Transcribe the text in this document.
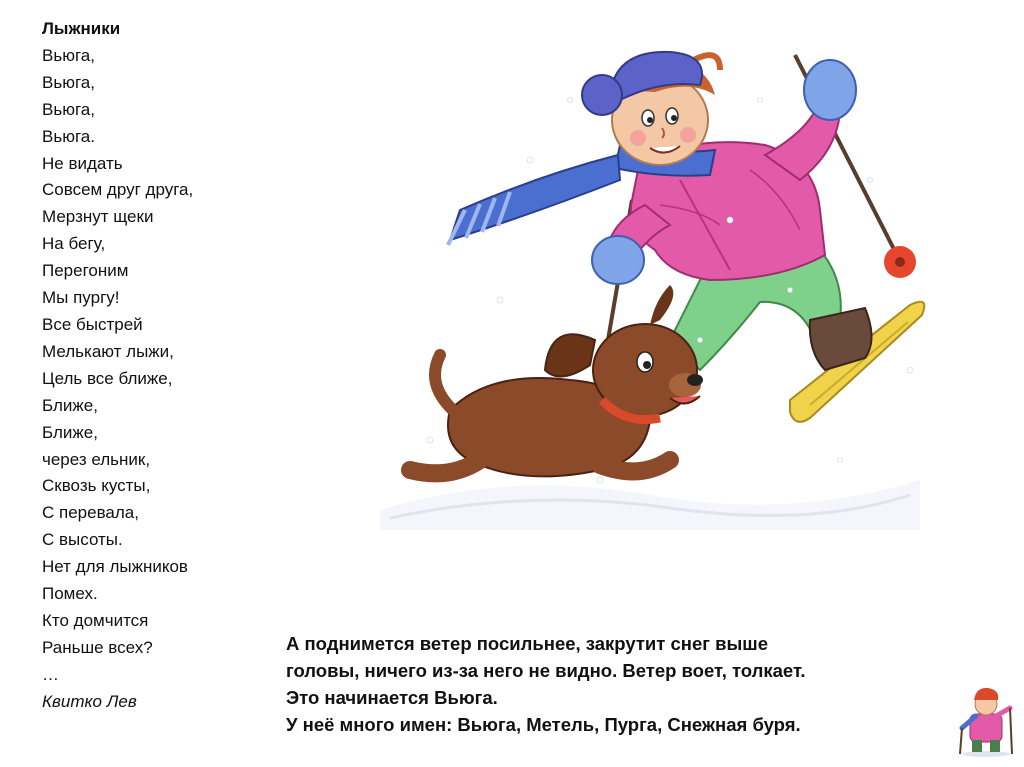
Лыжники
Вьюга,
Вьюга,
Вьюга,
Вьюга.
Не видать
Совсем друг друга,
Мерзнут щеки
На бегу,
Перегоним
Мы пургу!
Все быстрей
Мелькают лыжи,
Цель все ближе,
Ближе,
Ближе,
через ельник,
Сквозь кусты,
С перевала,
С высоты.
Нет для лыжников
Помех.
Кто домчится
Раньше всех?
…
Квитко Лев
А поднимется ветер посильнее, закрутит снег выше
головы, ничего из-за него не видно. Ветер воет, толкает.
Это начинается Вьюга.
У неё много имен: Вьюга, Метель, Пурга, Снежная буря.
